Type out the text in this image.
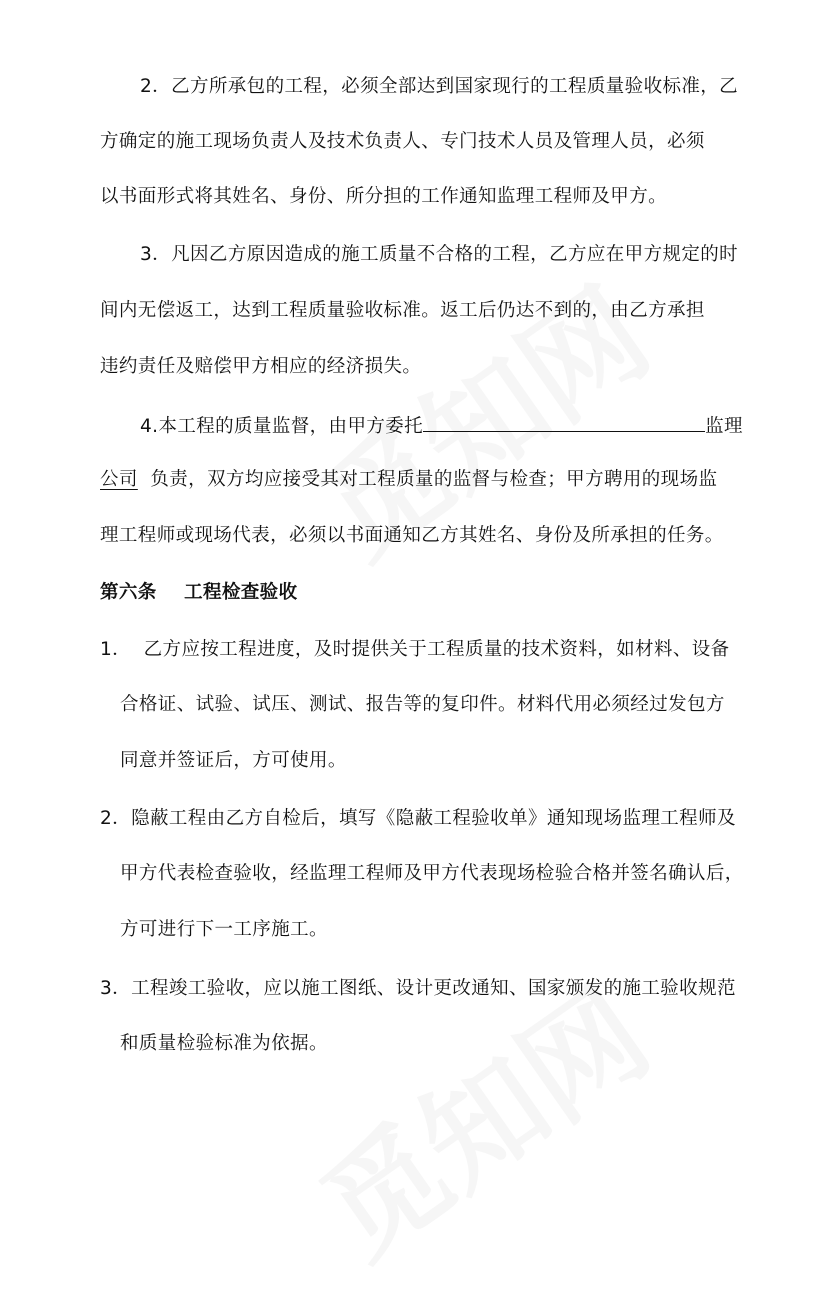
2．乙方所承包的工程，必须全部达到国家现行的工程质量验收标准，乙
方确定的施工现场负责人及技术负责人、专门技术人员及管理人员，必须
以书面形式将其姓名、身份、所分担的工作通知监理工程师及甲方。
3．凡因乙方原因造成的施工质量不合格的工程，乙方应在甲方规定的时
间内无偿返工，达到工程质量验收标准。返工后仍达不到的，由乙方承担
违约责任及赔偿甲方相应的经济损失。
4.本工程的质量监督，由甲方委托	监理
公司 负责，双方均应接受其对工程质量的监督与检查；甲方聘用的现场监
理工程师或现场代表，必须以书面通知乙方其姓名、身份及所承担的任务。
第六条 工程检查验收
1． 乙方应按工程进度，及时提供关于工程质量的技术资料，如材料、设备
合格证、试验、试压、测试、报告等的复印件。材料代用必须经过发包方
同意并签证后，方可使用。
2．隐蔽工程由乙方自检后，填写《隐蔽工程验收单》通知现场监理工程师及
甲方代表检查验收，经监理工程师及甲方代表现场检验合格并签名确认后，
方可进行下一工序施工。
3．工程竣工验收，应以施工图纸、设计更改通知、国家颁发的施工验收规范
和质量检验标准为依据。
